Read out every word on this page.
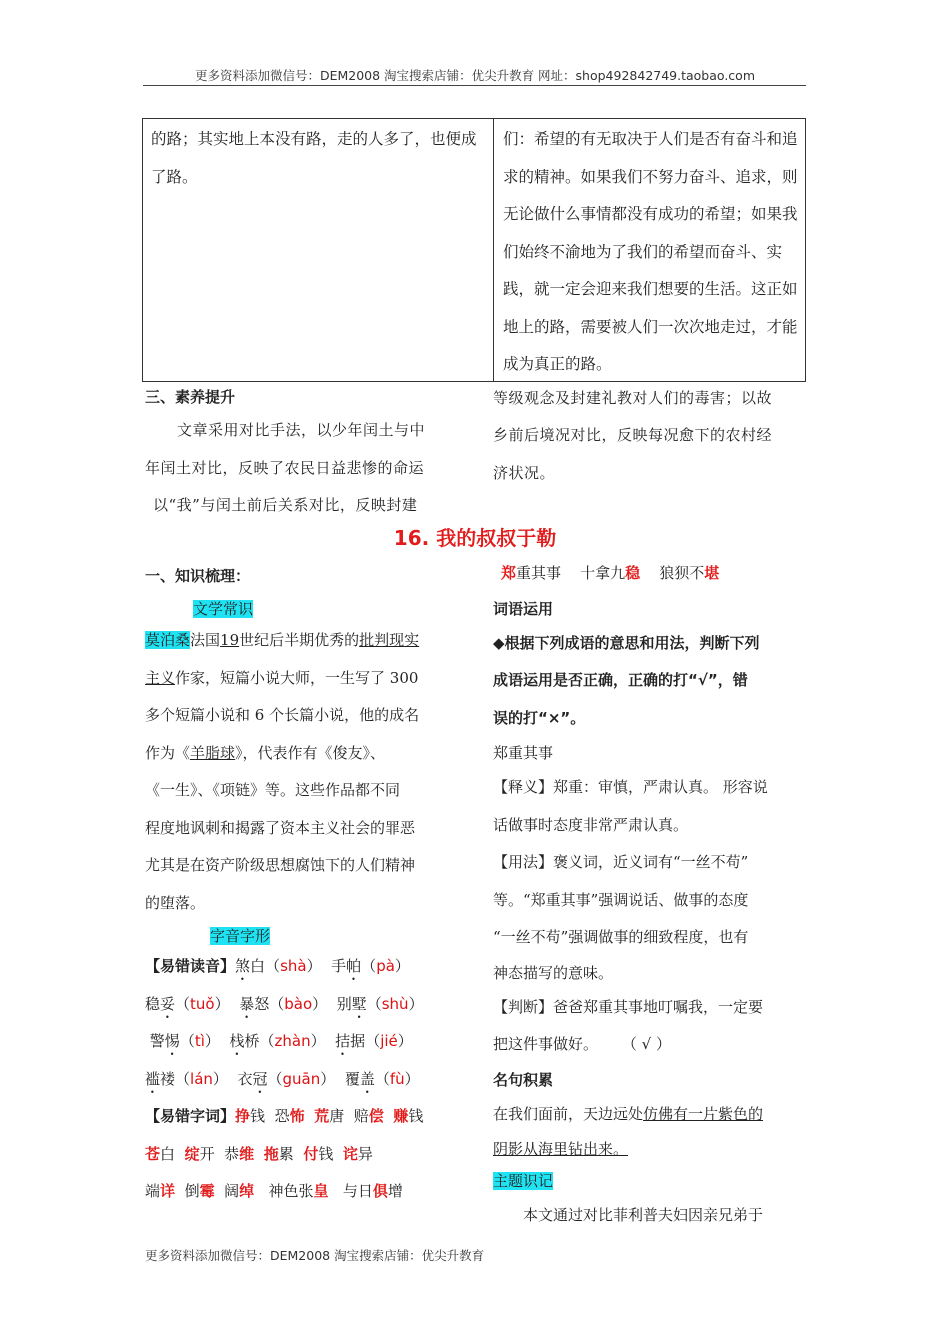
更多资料添加微信号：DEM2008 淘宝搜索店铺：优尖升教育 网址：shop492842749.taobao.com
的路；其实地上本没有路，走的人多了，也便成了路。
们：希望的有无取决于人们是否有奋斗和追求的精神。如果我们不努力奋斗、追求，则无论做什么事情都没有成功的希望；如果我们始终不渝地为了我们的希望而奋斗、实践，就一定会迎来我们想要的生活。这正如地上的路，需要被人们一次次地走过，才能成为真正的路。
三、素养提升
文章采用对比手法，以少年闰土与中
年闰土对比，反映了农民日益悲惨的命运
以“我”与闰土前后关系对比，反映封建
等级观念及封建礼教对人们的毒害；以故
乡前后境况对比，反映每况愈下的农村经
济状况。
16. 我的叔叔于勒
一、知识梳理：
文学常识
莫泊桑法国19世纪后半期优秀的批判现实
主义作家，短篇小说大师，一生写了 300
多个短篇小说和 6 个长篇小说，他的成名
作为《羊脂球》，代表作有《俊友》、
《一生》、《项链》等。这些作品都不同
程度地讽刺和揭露了资本主义社会的罪恶
尤其是在资产阶级思想腐蚀下的人们精神
的堕落。
字音字形
【易错读音】煞白（shà） 手帕（pà）
稳妥（tuǒ） 暴怒（bào） 别墅（shù）
警惕（tì） 栈桥（zhàn） 拮据（jié）
褴褛（lán） 衣冠（guān） 覆盖（fù）
【易错字词】挣钱 恐怖 荒唐 赔偿 赚钱
苍白 绽开 恭维 拖累 付钱 诧异
端详 倒霉 阔绰 神色张皇 与日俱增
郑重其事 十拿九稳 狼狈不堪
词语运用
◆根据下列成语的意思和用法，判断下列
成语运用是否正确，正确的打“√”，错
误的打“×”。
郑重其事
【释义】郑重：审慎，严肃认真。 形容说
话做事时态度非常严肃认真。
【用法】褒义词，近义词有“一丝不苟”
等。“郑重其事”强调说话、做事的态度
“一丝不苟”强调做事的细致程度，也有
神态描写的意味。
【判断】爸爸郑重其事地叮嘱我，一定要
把这件事做好。 （ √ ）
名句积累
在我们面前，天边远处仿佛有一片紫色的
阴影从海里钻出来。
主题识记
本文通过对比菲利普夫妇因亲兄弟于
更多资料添加微信号：DEM2008 淘宝搜索店铺：优尖升教育
